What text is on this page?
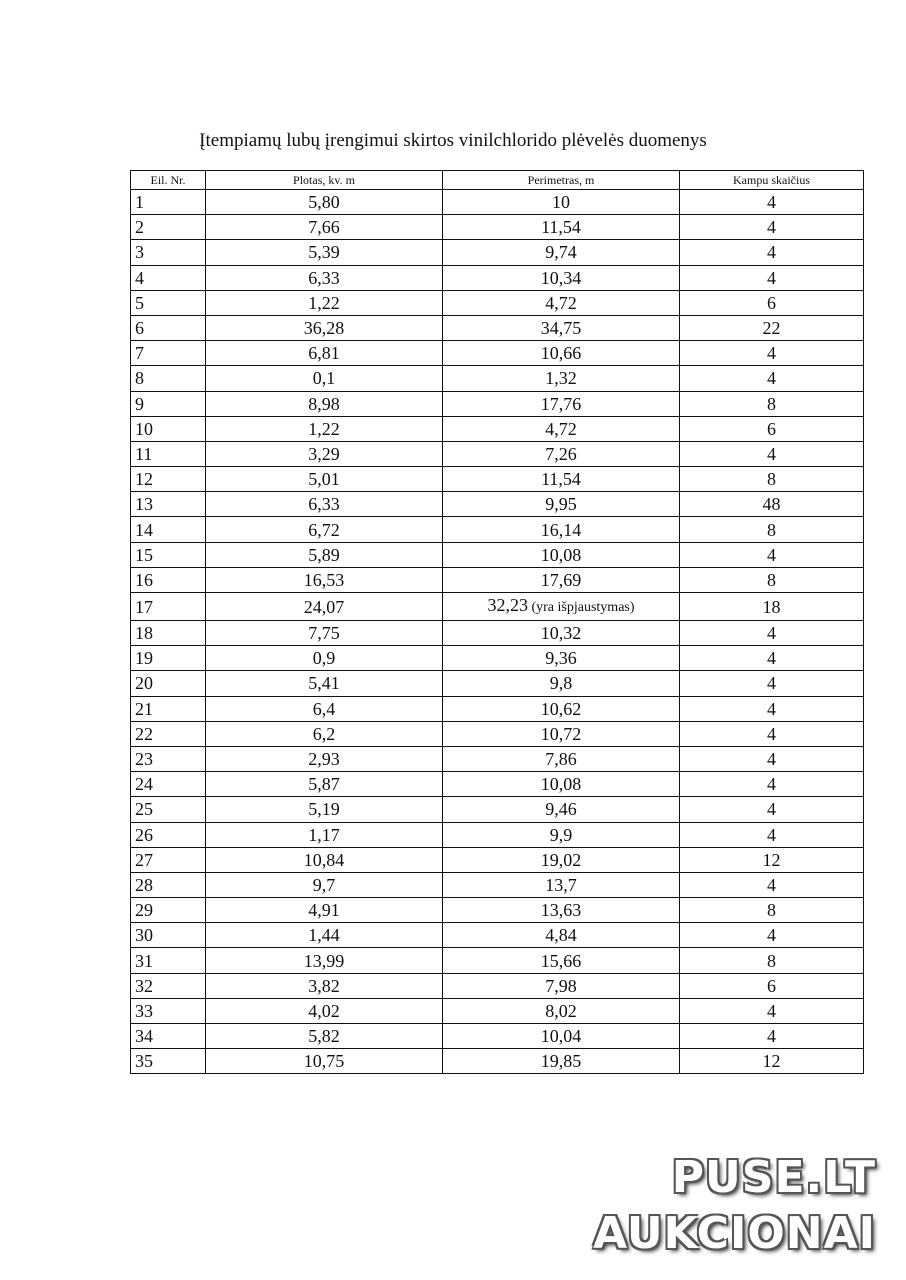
Įtempiamų lubų įrengimui skirtos vinilchlorido plėvelės duomenys
Eil. Nr.	Plotas, kv. m	Perimetras, m	Kampu skaičius
1	5,80	10	4
2	7,66	11,54	4
3	5,39	9,74	4
4	6,33	10,34	4
5	1,22	4,72	6
6	36,28	34,75	22
7	6,81	10,66	4
8	0,1	1,32	4
9	8,98	17,76	8
10	1,22	4,72	6
11	3,29	7,26	4
12	5,01	11,54	8
13	6,33	9,95	48
14	6,72	16,14	8
15	5,89	10,08	4
16	16,53	17,69	8
17	24,07	32,23 (yra išpjaustymas)	18
18	7,75	10,32	4
19	0,9	9,36	4
20	5,41	9,8	4
21	6,4	10,62	4
22	6,2	10,72	4
23	2,93	7,86	4
24	5,87	10,08	4
25	5,19	9,46	4
26	1,17	9,9	4
27	10,84	19,02	12
28	9,7	13,7	4
29	4,91	13,63	8
30	1,44	4,84	4
31	13,99	15,66	8
32	3,82	7,98	6
33	4,02	8,02	4
34	5,82	10,04	4
35	10,75	19,85	12
PUSE.LT
AUKCIONAI
